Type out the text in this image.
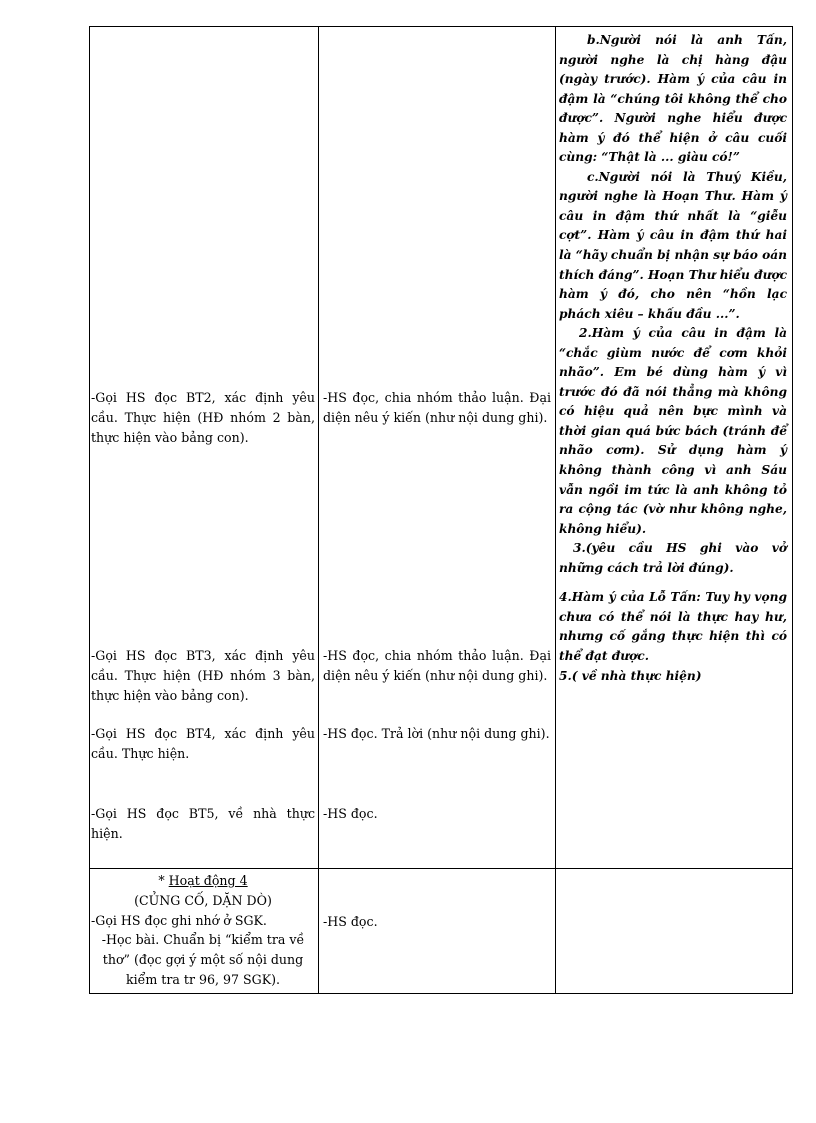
-Gọi HS đọc BT2, xác định yêu cầu. Thực hiện (HĐ nhóm 2 bàn, thực hiện vào bảng con).
-Gọi HS đọc BT3, xác định yêu cầu. Thực hiện (HĐ nhóm 3 bàn, thực hiện vào bảng con).
-Gọi HS đọc BT4, xác định yêu cầu. Thực hiện.
-Gọi HS đọc BT5, về nhà thực hiện.
-HS đọc, chia nhóm thảo luận. Đại diện nêu ý kiến (như nội dung ghi).
-HS đọc, chia nhóm thảo luận. Đại diện nêu ý kiến (như nội dung ghi).
-HS đọc. Trả lời (như nội dung ghi).
-HS đọc.
b.Người nói là anh Tấn, người nghe là chị hàng đậu (ngày trước). Hàm ý của câu in đậm là “chúng tôi không thể cho được”. Người nghe hiểu được hàm ý đó thể hiện ở câu cuối cùng: “Thật là ... giàu có!”
c.Người nói là Thuý Kiều, người nghe là Hoạn Thư. Hàm ý câu in đậm thứ nhất là “giễu cợt”. Hàm ý câu in đậm thứ hai là “hãy chuẩn bị nhận sự báo oán thích đáng”. Hoạn Thư hiểu được hàm ý đó, cho nên “hồn lạc phách xiêu – khấu đầu ...”.
2.Hàm ý của câu in đậm là “chắc giùm nước để cơm khỏi nhão”. Em bé dùng hàm ý vì trước đó đã nói thẳng mà không có hiệu quả nên bực mình và thời gian quá bức bách (tránh để nhão cơm). Sử dụng hàm ý không thành công vì anh Sáu vẫn ngồi im tức là anh không tỏ ra cộng tác (vờ như không nghe, không hiểu).
3.(yêu cầu HS ghi vào vở những cách trả lời đúng).
4.Hàm ý của Lỗ Tấn: Tuy hy vọng chưa có thể nói là thực hay hư, nhưng cố gắng thực hiện thì có thể đạt được.
5.( về nhà thực hiện)
* Hoạt động 4
(CỦNG CỐ, DẶN DÒ)
-Gọi HS đọc ghi nhớ ở SGK.
-Học bài. Chuẩn bị “kiểm tra về thơ” (đọc gợi ý một số nội dung kiểm tra tr 96, 97 SGK).
-HS đọc.
